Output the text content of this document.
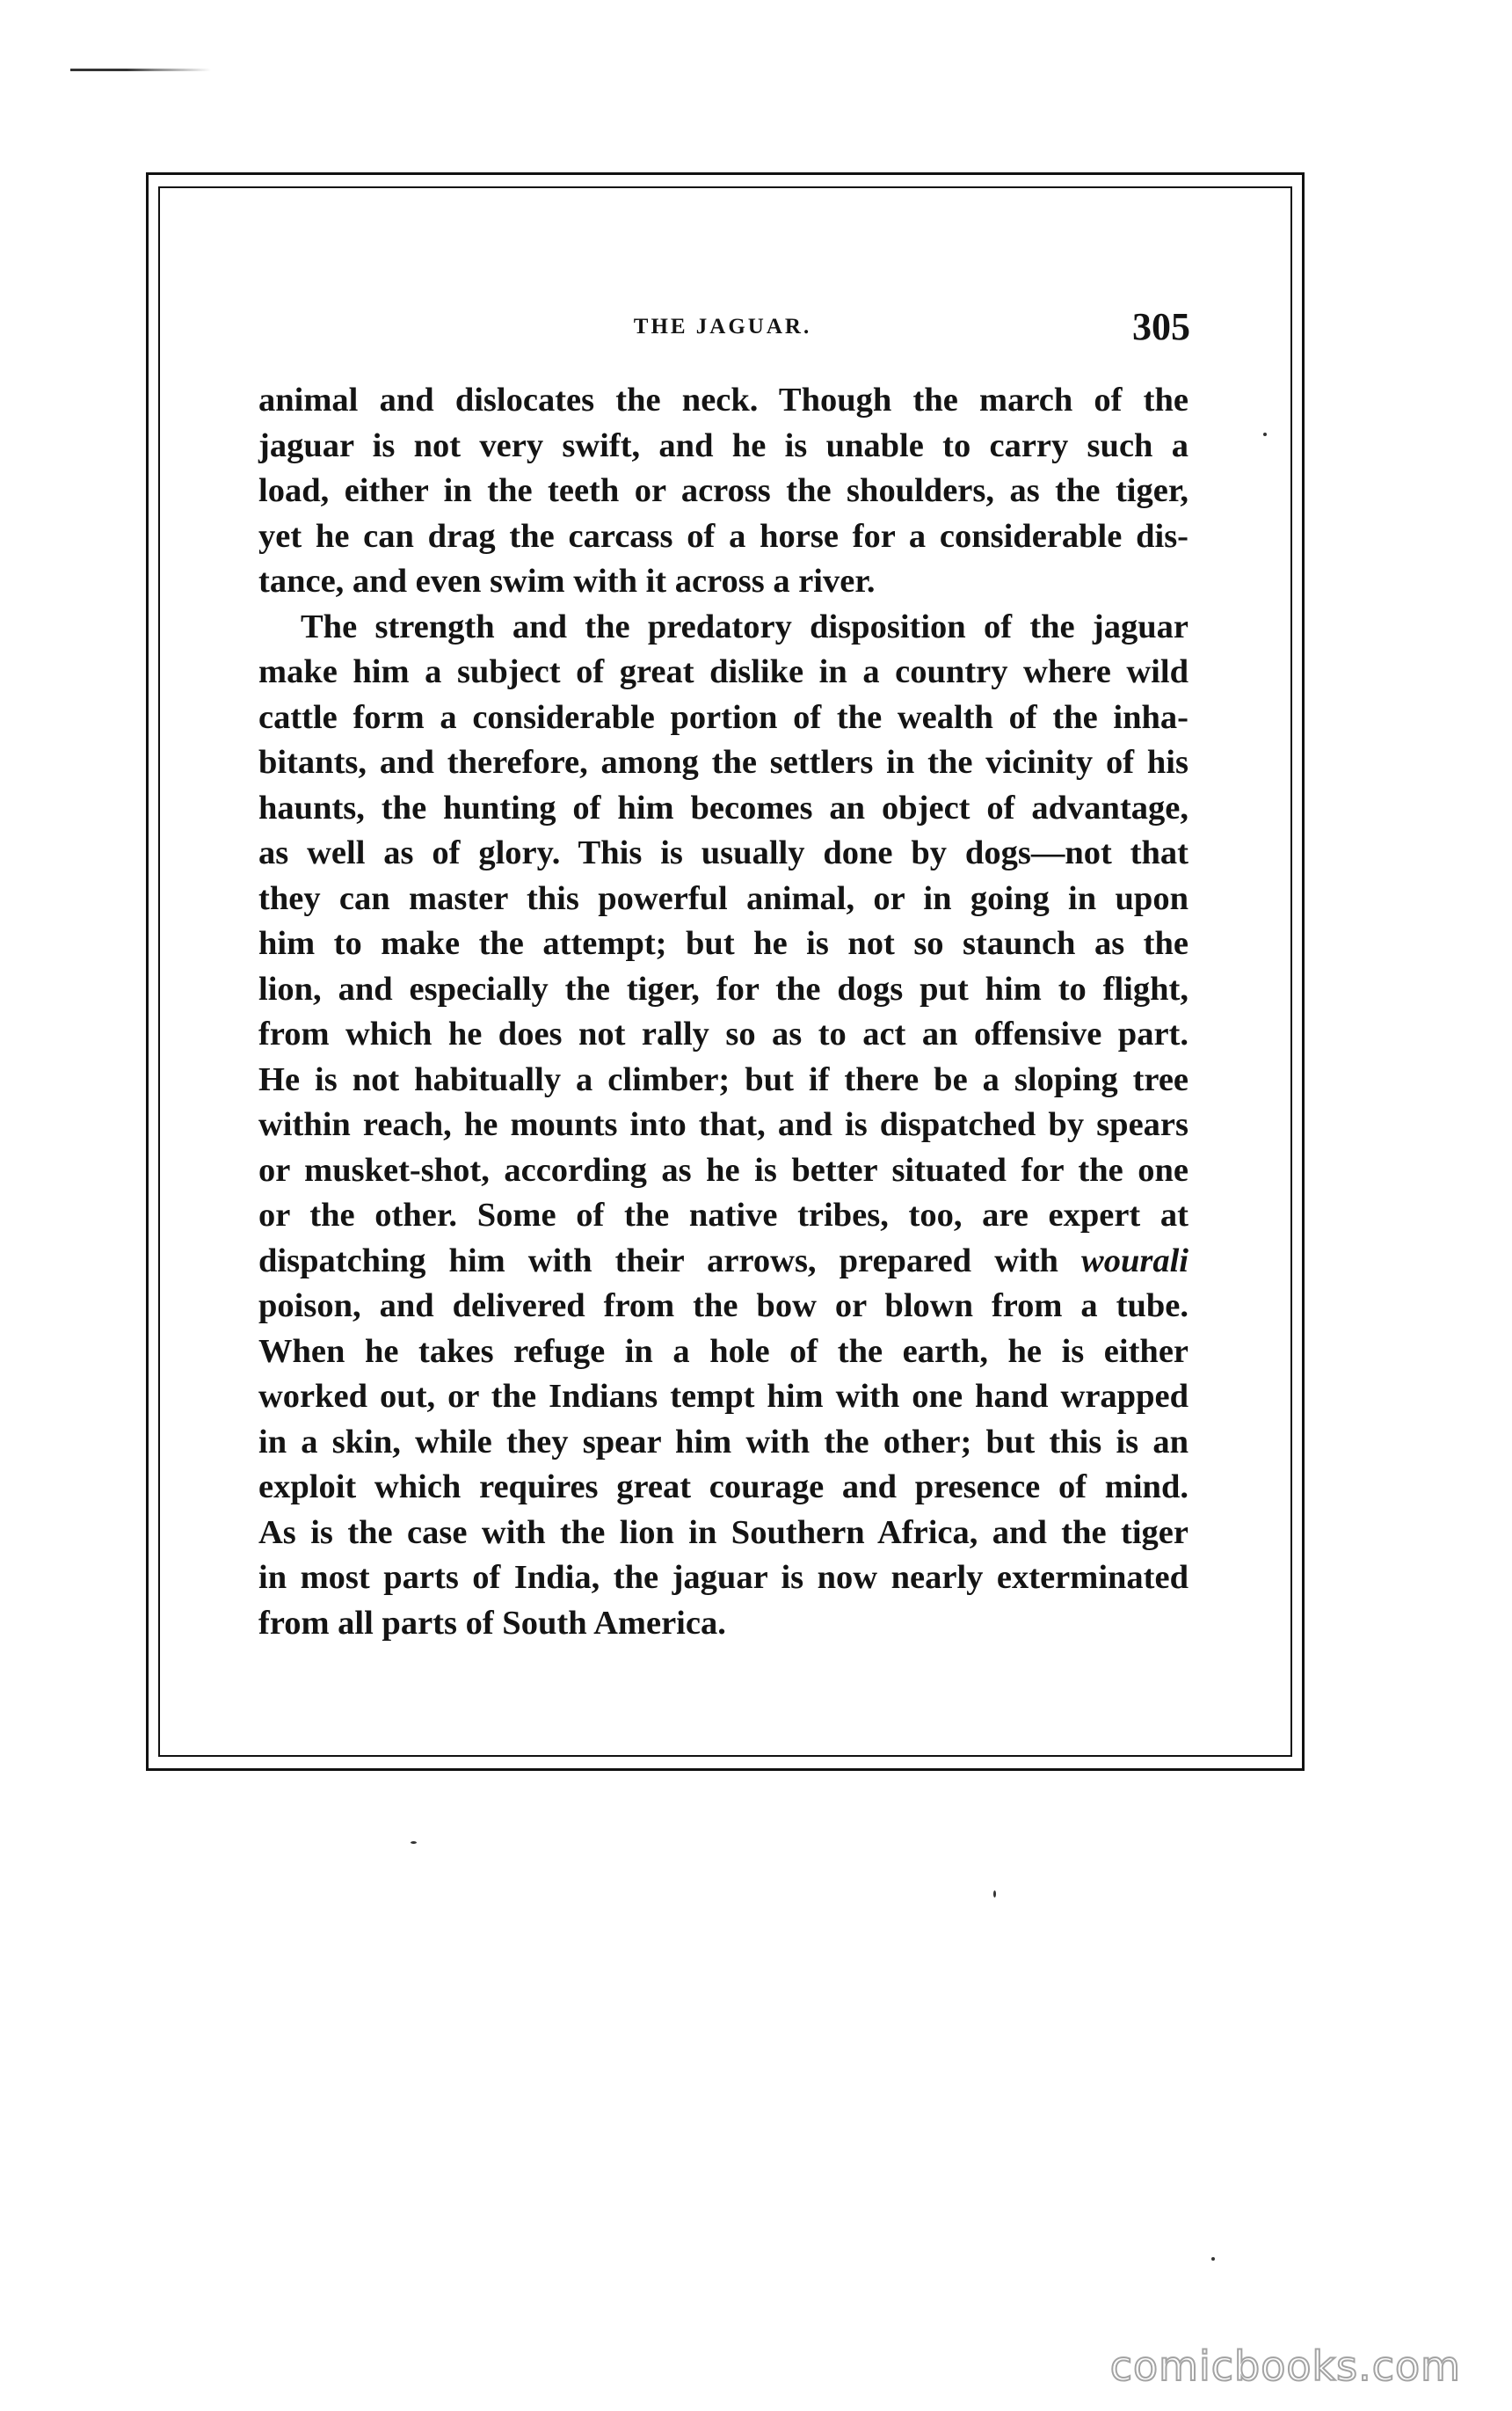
THE JAGUAR.	305

animal and dislocates the neck. Though the march of the
jaguar is not very swift, and he is unable to carry such a
load, either in the teeth or across the shoulders, as the tiger,
yet he can drag the carcass of a horse for a considerable dis-
tance, and even swim with it across a river.

The strength and the predatory disposition of the jaguar
make him a subject of great dislike in a country where wild
cattle form a considerable portion of the wealth of the inha-
bitants, and therefore, among the settlers in the vicinity of his
haunts, the hunting of him becomes an object of advantage,
as well as of glory. This is usually done by dogs—not that
they can master this powerful animal, or in going in upon
him to make the attempt; but he is not so staunch as the
lion, and especially the tiger, for the dogs put him to flight,
from which he does not rally so as to act an offensive part.
He is not habitually a climber; but if there be a sloping tree
within reach, he mounts into that, and is dispatched by spears
or musket-shot, according as he is better situated for the one
or the other. Some of the native tribes, too, are expert at
dispatching him with their arrows, prepared with wourali
poison, and delivered from the bow or blown from a tube.
When he takes refuge in a hole of the earth, he is either
worked out, or the Indians tempt him with one hand wrapped
in a skin, while they spear him with the other; but this is an
exploit which requires great courage and presence of mind.
As is the case with the lion in Southern Africa, and the tiger
in most parts of India, the jaguar is now nearly exterminated
from all parts of South America.

comicbooks.com
